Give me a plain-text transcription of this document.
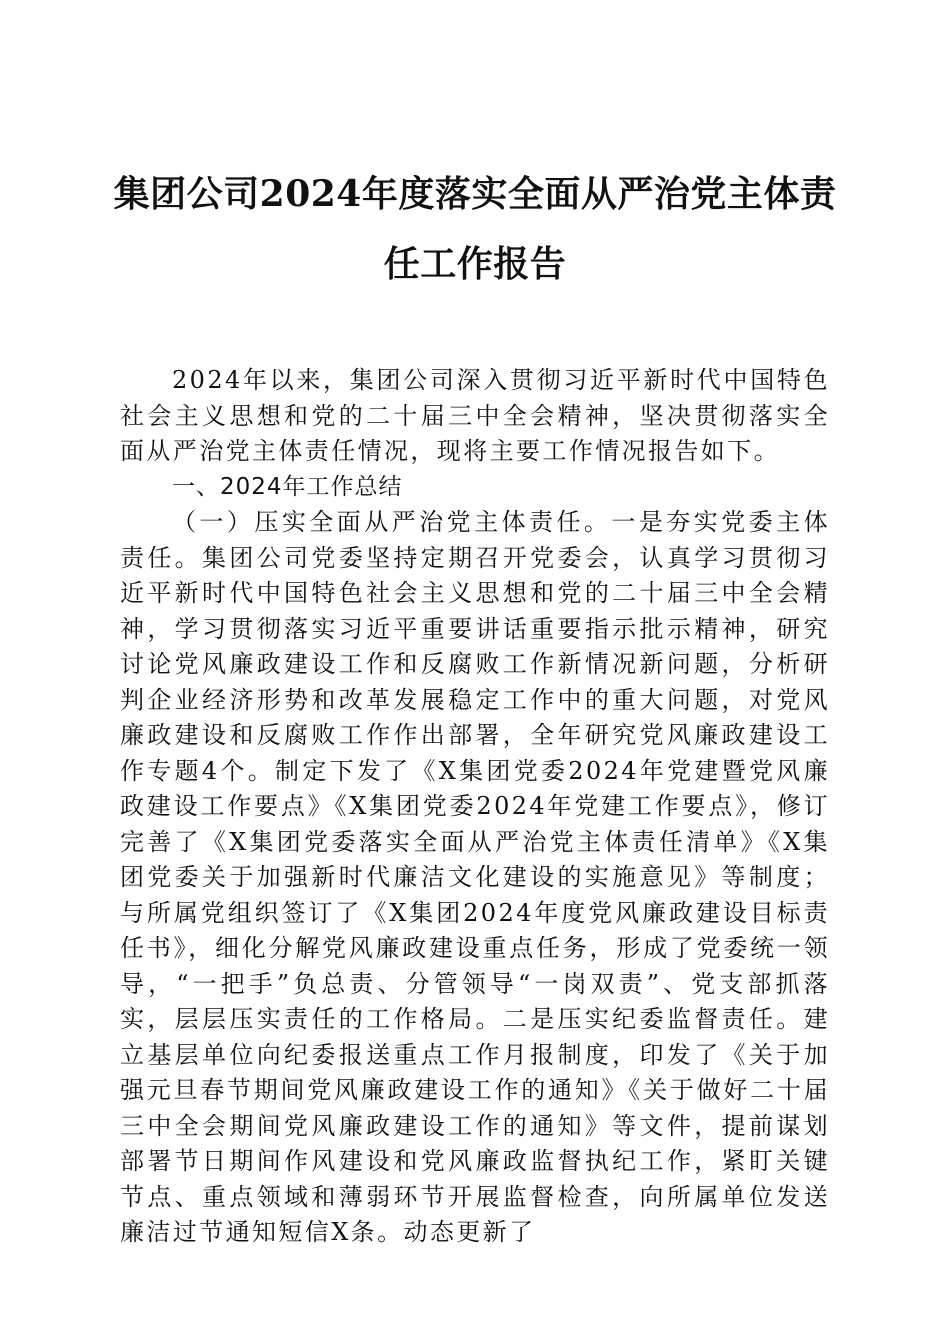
集团公司2024年度落实全面从严治党主体责
任工作报告

2024年以来，集团公司深入贯彻习近平新时代中国特色社会主义思想和党的二十届三中全会精神，坚决贯彻落实全面从严治党主体责任情况，现将主要工作情况报告如下。

一、2024年工作总结

（一）压实全面从严治党主体责任。一是夯实党委主体责任。集团公司党委坚持定期召开党委会，认真学习贯彻习近平新时代中国特色社会主义思想和党的二十届三中全会精神，学习贯彻落实习近平重要讲话重要指示批示精神，研究讨论党风廉政建设工作和反腐败工作新情况新问题，分析研判企业经济形势和改革发展稳定工作中的重大问题，对党风廉政建设和反腐败工作作出部署，全年研究党风廉政建设工作专题4个。制定下发了《X集团党委2024年党建暨党风廉政建设工作要点》《X集团党委2024年党建工作要点》，修订完善了《X集团党委落实全面从严治党主体责任清单》《X集团党委关于加强新时代廉洁文化建设的实施意见》等制度；与所属党组织签订了《X集团2024年度党风廉政建设目标责任书》，细化分解党风廉政建设重点任务，形成了党委统一领导，“一把手”负总责、分管领导“一岗双责”、党支部抓落实，层层压实责任的工作格局。二是压实纪委监督责任。建立基层单位向纪委报送重点工作月报制度，印发了《关于加强元旦春节期间党风廉政建设工作的通知》《关于做好二十届三中全会期间党风廉政建设工作的通知》等文件，提前谋划部署节日期间作风建设和党风廉政监督执纪工作，紧盯关键节点、重点领域和薄弱环节开展监督检查，向所属单位发送廉洁过节通知短信X条。动态更新了
